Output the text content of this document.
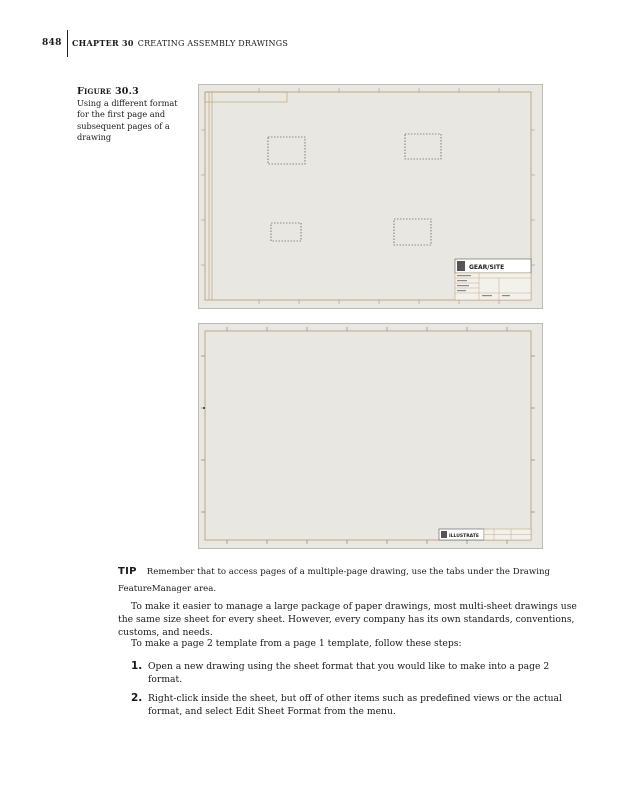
848 CHAPTER 30 CREATING ASSEMBLY DRAWINGS
Figure 30.3
Using a different format for the first page and subsequent pages of a drawing
GEAR/SITE
ILLUSTRATE
TIP Remember that to access pages of a multiple-page drawing, use the tabs under the Drawing FeatureManager area.
To make it easier to manage a large package of paper drawings, most multi-sheet drawings use the same size sheet for every sheet. However, every company has its own standards, conventions, customs, and needs.
To make a page 2 template from a page 1 template, follow these steps:
1. Open a new drawing using the sheet format that you would like to make into a page 2 format.
2. Right-click inside the sheet, but off of other items such as predefined views or the actual format, and select Edit Sheet Format from the menu.
